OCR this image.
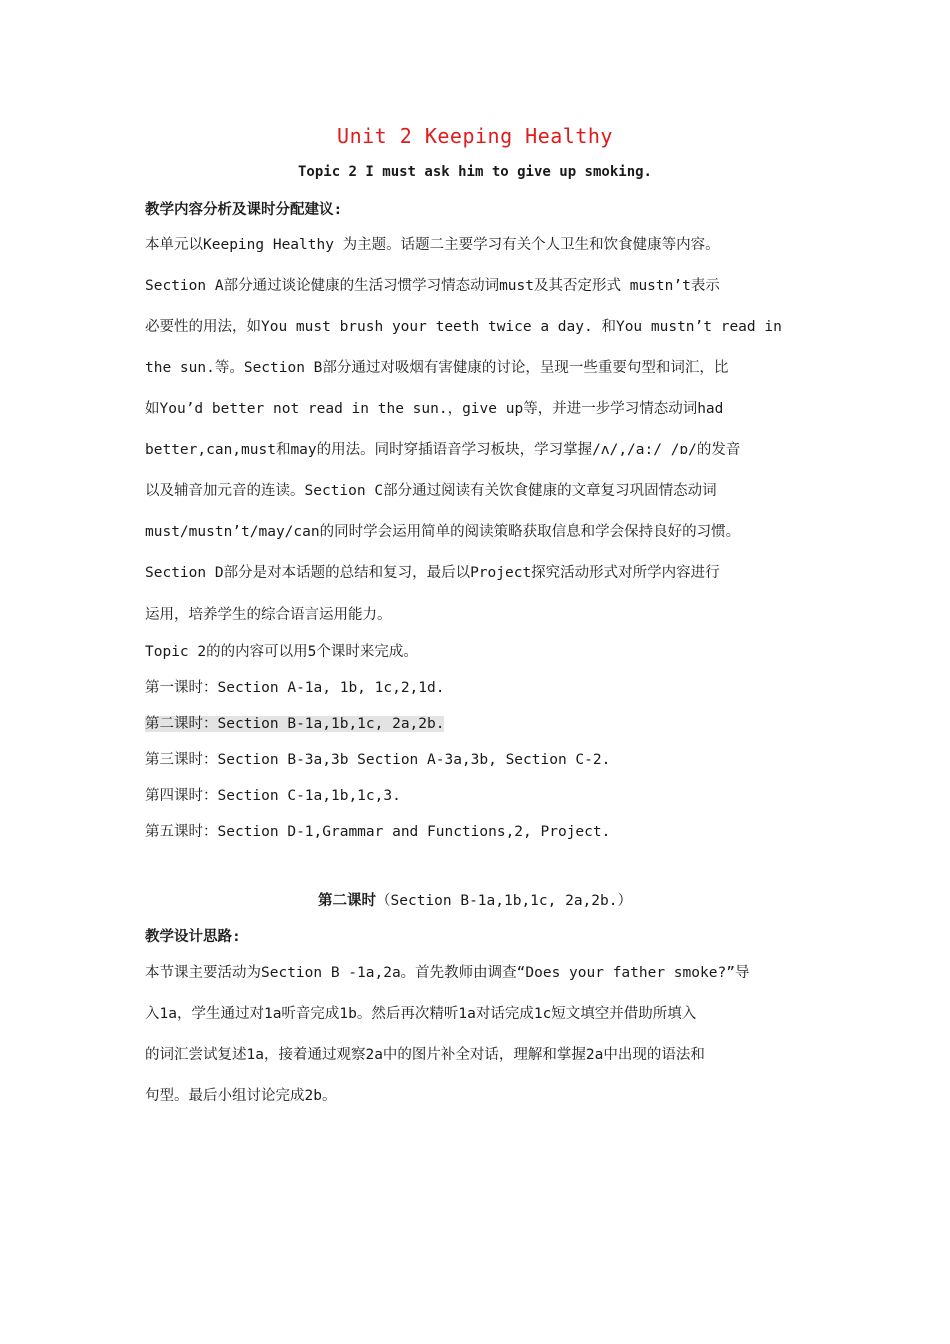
Unit 2 Keeping Healthy
Topic 2 I must ask him to give up smoking.
教学内容分析及课时分配建议:
本单元以Keeping Healthy 为主题。话题二主要学习有关个人卫生和饮食健康等内容。
Section A部分通过谈论健康的生活习惯学习情态动词must及其否定形式 mustn’t表示
必要性的用法，如You must brush your teeth twice a day. 和You mustn’t read in
the sun.等。Section B部分通过对吸烟有害健康的讨论，呈现一些重要句型和词汇，比
如You’d better not read in the sun.，give up等，并进一步学习情态动词had
better,can,must和may的用法。同时穿插语音学习板块，学习掌握/ʌ/,/a:/ /ɒ/的发音
以及辅音加元音的连读。Section C部分通过阅读有关饮食健康的文章复习巩固情态动词
must/mustn’t/may/can的同时学会运用简单的阅读策略获取信息和学会保持良好的习惯。
Section D部分是对本话题的总结和复习，最后以Project探究活动形式对所学内容进行
运用，培养学生的综合语言运用能力。
Topic 2的的内容可以用5个课时来完成。
第一课时：Section A-1a, 1b, 1c,2,1d.
第二课时：Section B-1a,1b,1c, 2a,2b.
第三课时：Section B-3a,3b Section A-3a,3b, Section C-2.
第四课时：Section C-1a,1b,1c,3.
第五课时：Section D-1,Grammar and Functions,2, Project.
第二课时（Section B-1a,1b,1c, 2a,2b.）
教学设计思路:
本节课主要活动为Section B -1a,2a。首先教师由调查“Does your father smoke?”导
入1a，学生通过对1a听音完成1b。然后再次精听1a对话完成1c短文填空并借助所填入
的词汇尝试复述1a，接着通过观察2a中的图片补全对话，理解和掌握2a中出现的语法和
句型。最后小组讨论完成2b。
